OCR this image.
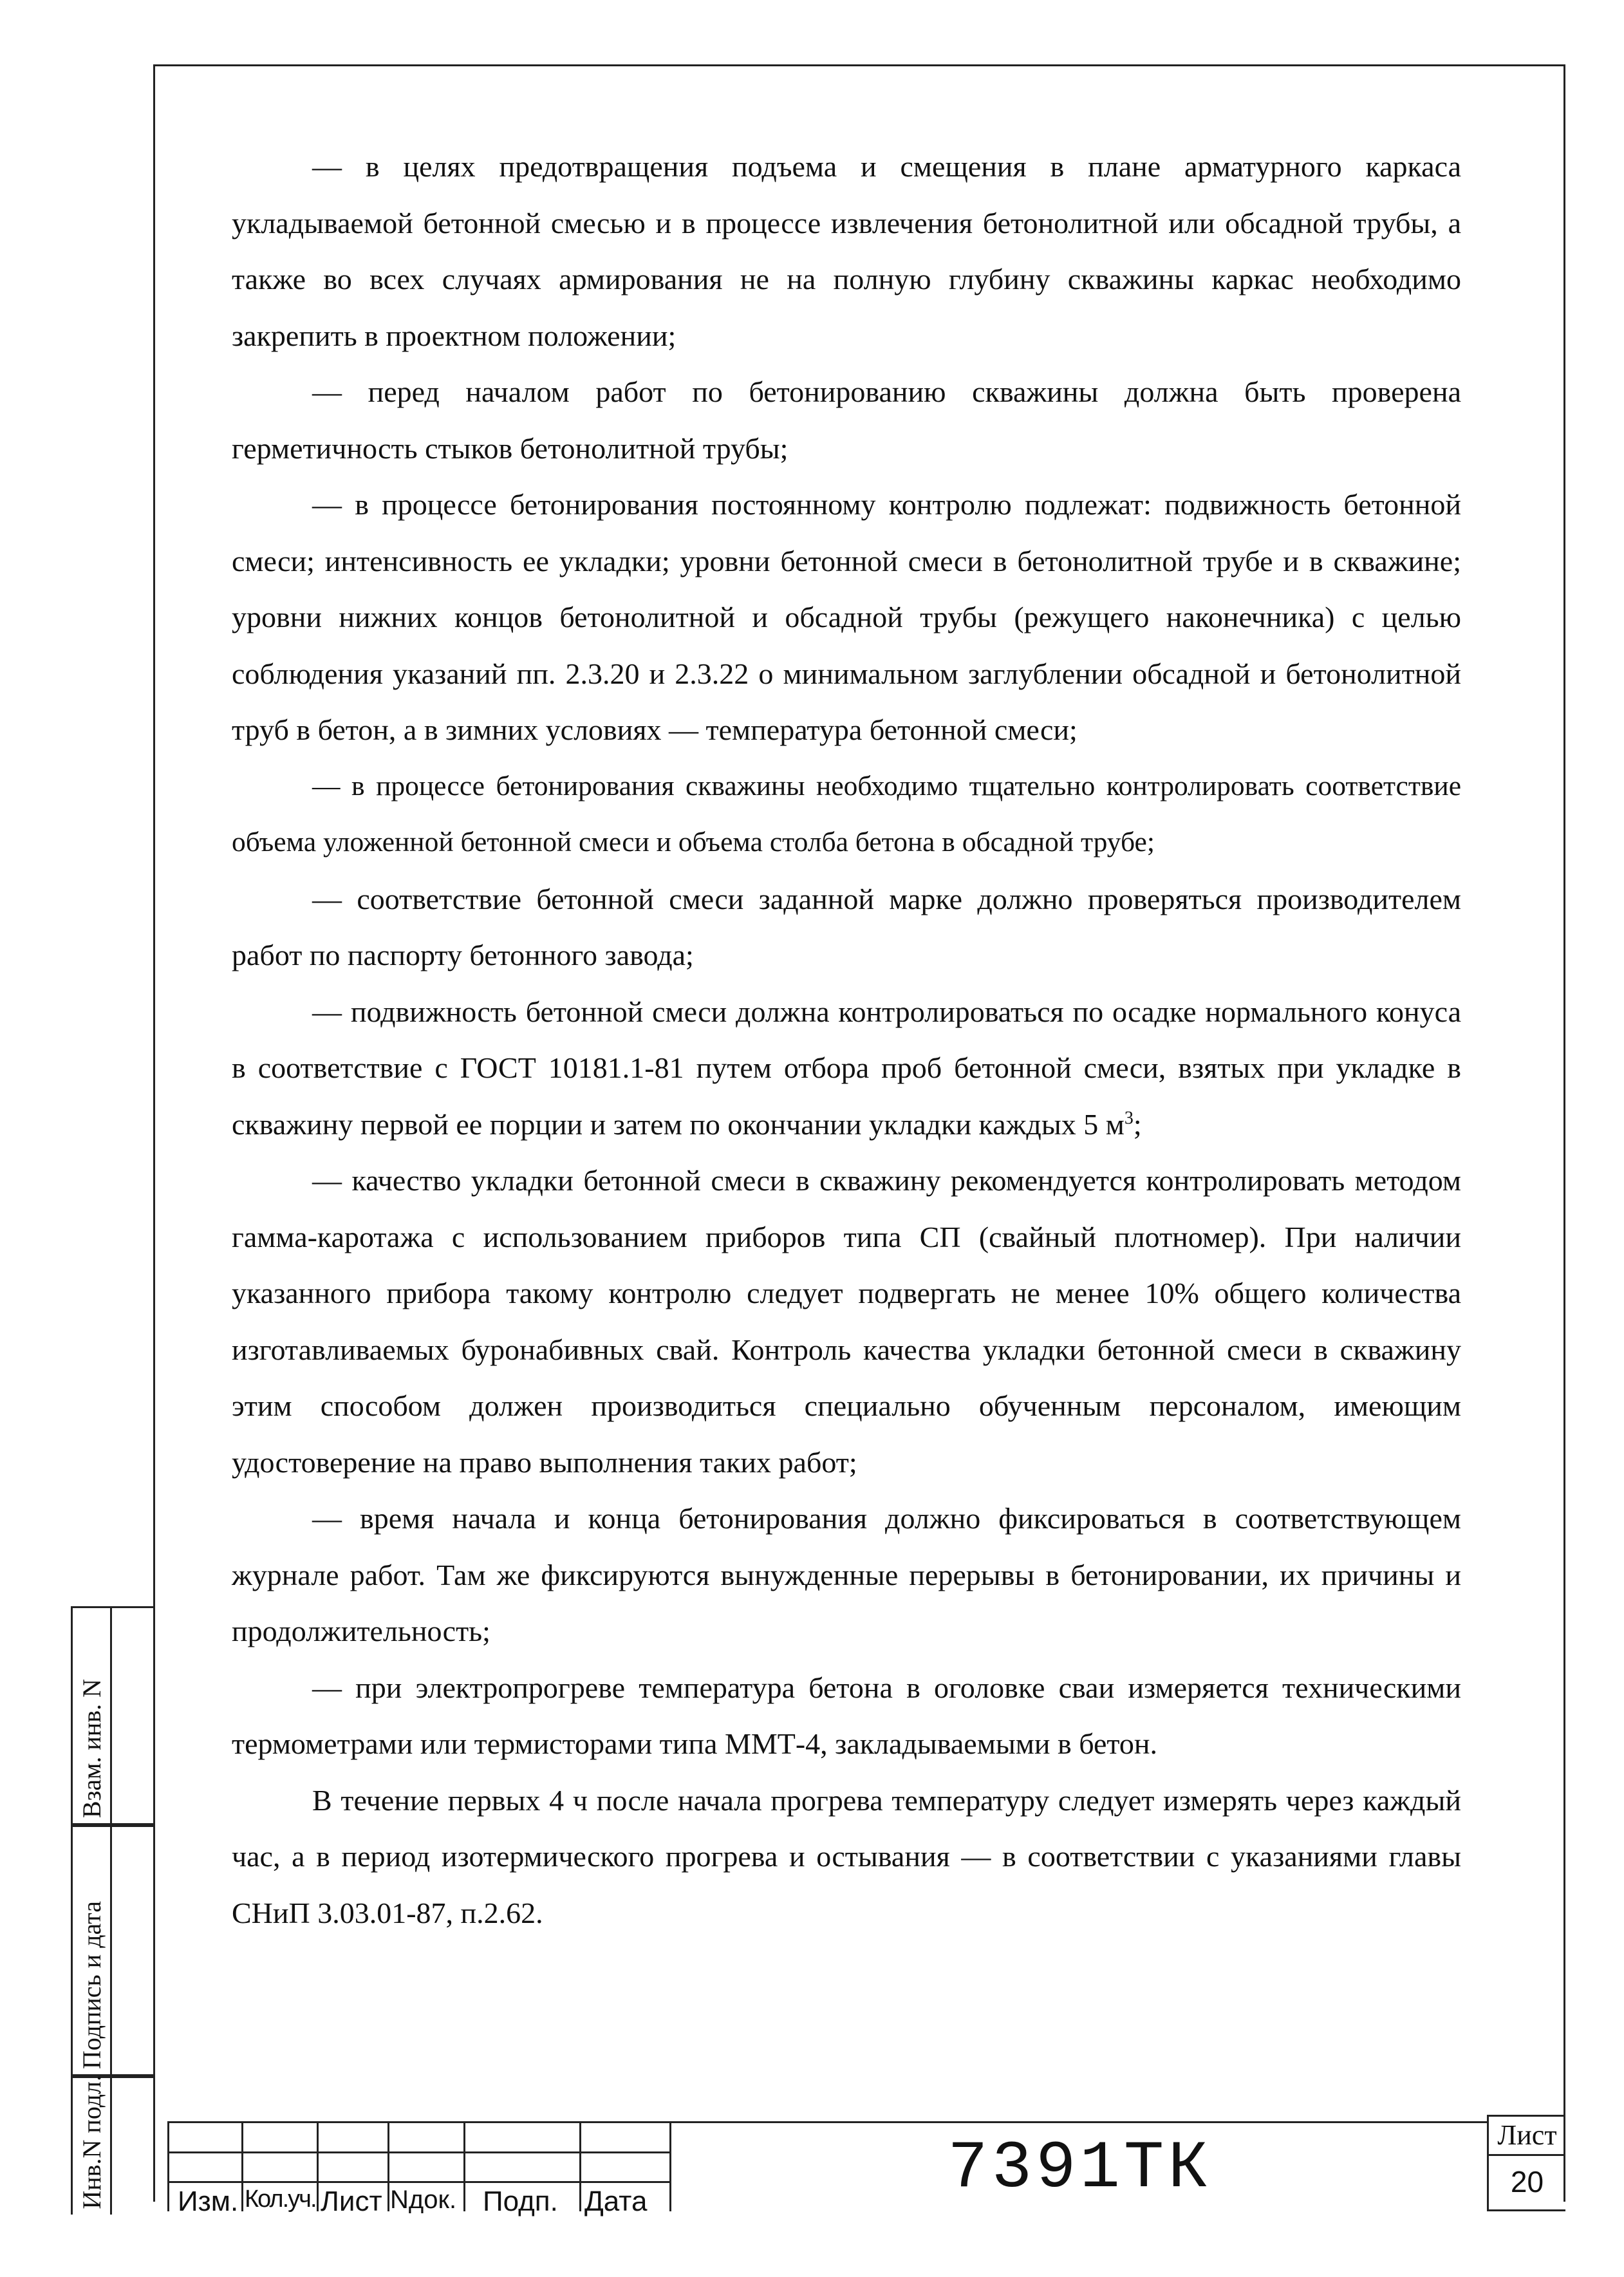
— в целях предотвращения подъема и смещения в плане арматурного каркаса укладываемой бетонной смесью и в процессе извлечения бетонолитной или обсадной трубы, а также во всех случаях армирования не на полную глубину скважины каркас необходимо закрепить в проектном положении;

— перед началом работ по бетонированию скважины должна быть проверена герметичность стыков бетонолитной трубы;

— в процессе бетонирования постоянному контролю подлежат: подвижность бетонной смеси; интенсивность ее укладки; уровни бетонной смеси в бетонолитной трубе и в скважине; уровни нижних концов бетонолитной и обсадной трубы (режущего наконечника) с целью соблюдения указаний пп. 2.3.20 и 2.3.22 о минимальном заглублении обсадной и бетонолитной труб в бетон, а в зимних условиях — температура бетонной смеси;

— в процессе бетонирования скважины необходимо тщательно контролировать соответствие объема уложенной бетонной смеси и объема столба бетона в обсадной трубе;

— соответствие бетонной смеси заданной марке должно проверяться производителем работ по паспорту бетонного завода;

— подвижность бетонной смеси должна контролироваться по осадке нормального конуса в соответствие с ГОСТ 10181.1-81 путем отбора проб бетонной смеси, взятых при укладке в скважину первой ее порции и затем по окончании укладки каждых 5 $м^3$;

— качество укладки бетонной смеси в скважину рекомендуется контролировать методом гамма-каротажа с использованием приборов типа СП (свайный плотномер). При наличии указанного прибора такому контролю следует подвергать не менее 10% общего количества изготавливаемых буронабивных свай. Контроль качества укладки бетонной смеси в скважину этим способом должен производиться специально обученным персоналом, имеющим удостоверение на право выполнения таких работ;

— время начала и конца бетонирования должно фиксироваться в соответствующем журнале работ. Там же фиксируются вынужденные перерывы в бетонировании, их причины и продолжительность;

— при электропрогреве температура бетона в оголовке сваи измеряется техническими термометрами или термисторами типа ММТ-4, закладываемыми в бетон.

В течение первых 4 ч после начала прогрева температуру следует измерять через каждый час, а в период изотермического прогрева и остывания — в соответствии с указаниями главы СНиП 3.03.01-87, п.2.62.

Взам. инв. N
Подпись и дата
Инв.N подл.	Изм. Кол.уч. Лист Nдок. Подп. Дата	7391ТК	Лист
20
